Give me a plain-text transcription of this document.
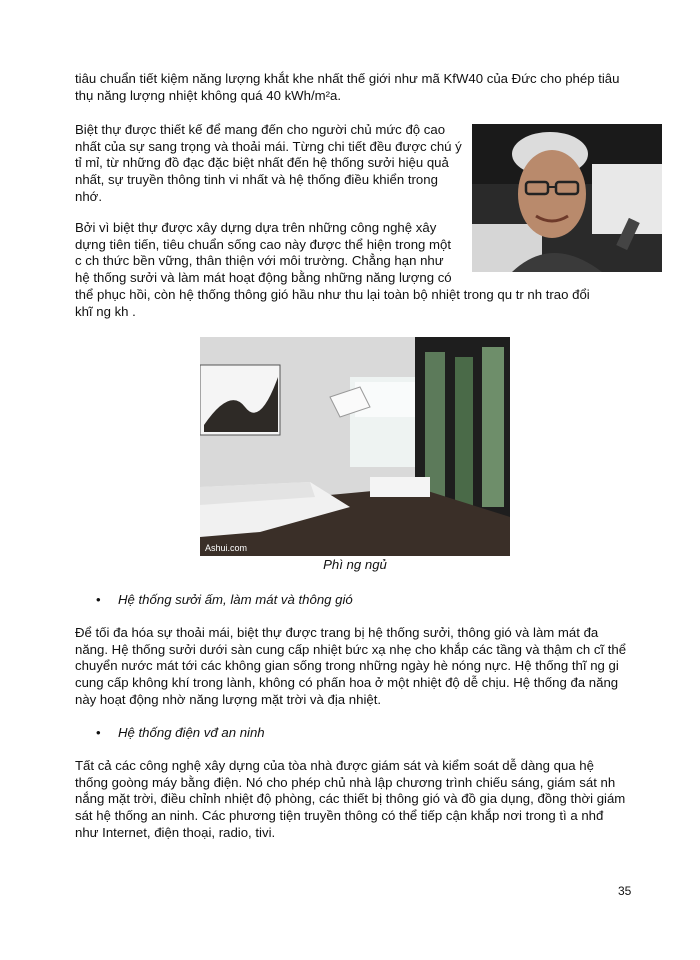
tiâu chuẩn tiết kiệm năng lượng khắt khe nhất thế giới như mã KfW40 của Đức cho phép tiâu thụ năng lượng nhiệt không quá 40 kWh/m²a.

Biệt thự được thiết kế để mang đến cho người chủ mức độ cao nhất của sự sang trọng và thoải mái. Từng chi tiết đều được chú ý tỉ mỉ, từ những đồ đạc đặc biệt nhất đến hệ thống sưởi hiệu quả nhất, sự truyền thông tinh vi nhất và hệ thống điều khiển trong nhớ.

Bởi vì biệt thự được xây dựng dựa trên những công nghệ xây
dựng tiên tiến, tiêu chuẩn sống cao này được thể hiện trong một
c ch thức bền vững, thân thiện với môi trường. Chẳng hạn như
hệ thống sưởi và làm mát hoạt động bằng những năng lượng có
thể phục hồi, còn hệ thống thông gió hầu như thu lại toàn bộ nhiệt trong qu tr nh trao đổi
khĩ ng kh .
Ashui.com
Phì ng ngủ
• Hệ thống sưởi ấm, làm mát và thông gió

Để tối đa hóa sự thoải mái, biệt thự được trang bị hệ thống sưởi, thông gió và làm mát đa năng. Hệ thống sưởi dưới sàn cung cấp nhiệt bức xạ nhẹ cho khắp các tầng và thậm ch cĩ thể chuyển nước mát tới các không gian sống trong những ngày hè nóng nực. Hệ thống thĩ ng gi cung cấp không khí trong lành, không có phấn hoa ở một nhiệt độ dễ chịu. Hệ thống đa năng này hoạt động nhờ năng lượng mặt trời và địa nhiệt.

• Hệ thống điện vđ an ninh

Tất cả các công nghệ xây dựng của tòa nhà được giám sát và kiểm soát dễ dàng qua hệ thống goòng máy bằng điện. Nó cho phép chủ nhà lập chương trình chiếu sáng, giám sát nh nắng mặt trời, điều chỉnh nhiệt độ phòng, các thiết bị thông gió và đồ gia dụng, đồng thời giám sát hệ thống an ninh. Các phương tiện truyền thông có thể tiếp cận khắp nơi trong tì a nhđ như Internet, điện thoại, radio, tivi.

35
